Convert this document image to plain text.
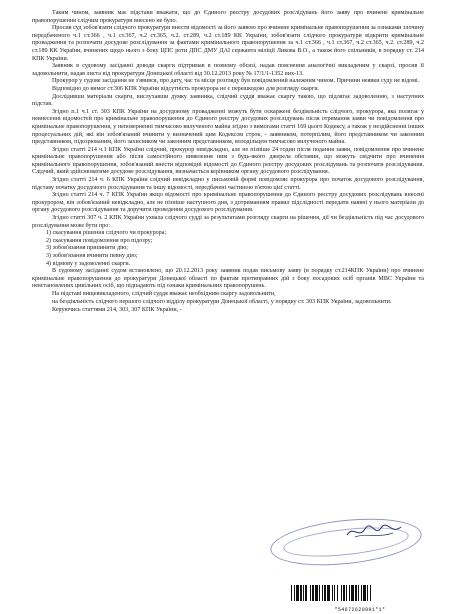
Таким чином, заявник має підстави вважати, що до Єдиного реєстру досудових розслідувань його заяву про вчинене кримінальне правопорушення слідчим прокуратури внесено не було.

Просив суд зобов'язати слідчого прокуратури внести відомості за його заявою про вчинене кримінальне правопорушення за ознаками злочину передбаченого ч.1 ст.366 , ч.1 ст.367, ч.2 ст.365, ч.2. ст.289, ч.2 ст.189 КК України, зобов'язати слідчого прокуратури відкрити кримінальне провадження та розпочати досудове розслідування за фактами кримінального правопорушення за ч.1 ст.366 , ч.1 ст.367, ч.2 ст.365, ч.2. ст.289, ч.2 ст.189 КК України, вчинених щодо нього з боку ЦПС роти ДПС ДМУ ДАІ сержанта міліції Ликова В.О., а також його спільників, в порядку ст. 214 КПК України.

Заявник в судовому засіданні доводи скарги підтримав в повному обсязі, надав пояснення аналогічні викладеним у скарзі, просив її задовольнити, надав листа від прокуратури Донецької області від 30.12.2013 року № 17/1/1-1352 вих-13.

Прокурор у судове засідання не з'явився, про дату, час та місце розгляду був повідомлений належним чином. Причини неявки суду не відомі.

Відповідно до вимог ст.306 КПК України відсутність прокурора не є перешкодою для розгляду скарги.

Дослідивши матеріали скарги, вислухавши думку заявника, слідчий суддя вважає скаргу такою, що підлягає задоволенню, з наступних підстав.

Згідно п.1 ч.1 ст. 303 КПК України на досудовому провадженні можуть бути оскаржені бездіяльність слідчого, прокурора, яка полягає у невнесенні відомостей про кримінальне правопорушення до Єдиного реєстру досудових розслідувань після отримання заяви чи повідомлення про кримінальне правопорушення, у неповерненні тимчасово вилученого майна згідно з вимогами статті 169 цього Кодексу, а також у нездійсненні інших процесуальних дій, які він зобов'язаний вчинити у визначений цим Кодексом строк, - заявником, потерпілим, його представником чи законним представником, підозрюваним, його захисником чи законним представником, володільцем тимчасово вилученого майна.

Згідно статті 214 ч.1 КПК України слідчий, прокурор невідкладно, але не пізніше 24 годин після подання заяви, повідомлення про вчинене кримінальне правопорушення або після самостійного виявлення ним з будь-якого джерела обставин, що можуть свідчити про вчинення кримінального правопорушення, зобов'язаний внести відповідні відомості до Єдиного реєстру досудових розслідувань та розпочати розслідування. Слідчий, який здійснюватиме досудове розслідування, визначається керівником органу досудового розслідування.

Згідно статті 214 ч. 6 КПК України слідчий невідкладно у письмовій формі повідомляє прокурора про початок досудового розслідування, підставу початку досудового розслідування та іншу відомості, передбачені частиною п'ятою цієї статті.

Згідно статті 214 ч. 7 КПК України якщо відомості про кримінальне правопорушення до Єдиного реєстру досудових розслідувань внесені прокурором, він зобов'язаний невідкладно, але не пізніше наступного дня, з дотриманням правил підслідності передати наявні у нього матеріали до органу досудового розслідування та доручити проведення досудового розслідування.

Згідно статті 307 ч. 2 КПК України ухвала слідчого судді за результатами розгляду скарги на рішення, дії чи бездіяльність під час досудового розслідування може бути про:

1) скасування рішення слідчого чи прокурора;

2) скасування повідомлення про підозру;

3) зобов'язання припинити дію;

3) зобов'язання вчинити певну дію;

4) відмову у задоволенні скарги.

В судовому засіданні судом встановлено, що 20.12.2013 року заявник подав письмову заяву (в порядку ст.214КПК України) про вчинене кримінальне правопорушення до прокуратури Донецької області по фактам протиправних дій з боку посадових осіб органів МВС України та невстановлених цивільних осіб, що підпадають під ознаки кримінальних правопорушень.

На підставі вищевикладеного, слідчий суддя вважає необхідним скаргу задовольнити,

на бездіяльність слідчого першого слідчого відділу прокуратури Донецької області, у порядку ст. 303 КПК України, задовольнити.

Керуючись статтями 214, 303, 307 КПК України, -

*54672620991*1*
